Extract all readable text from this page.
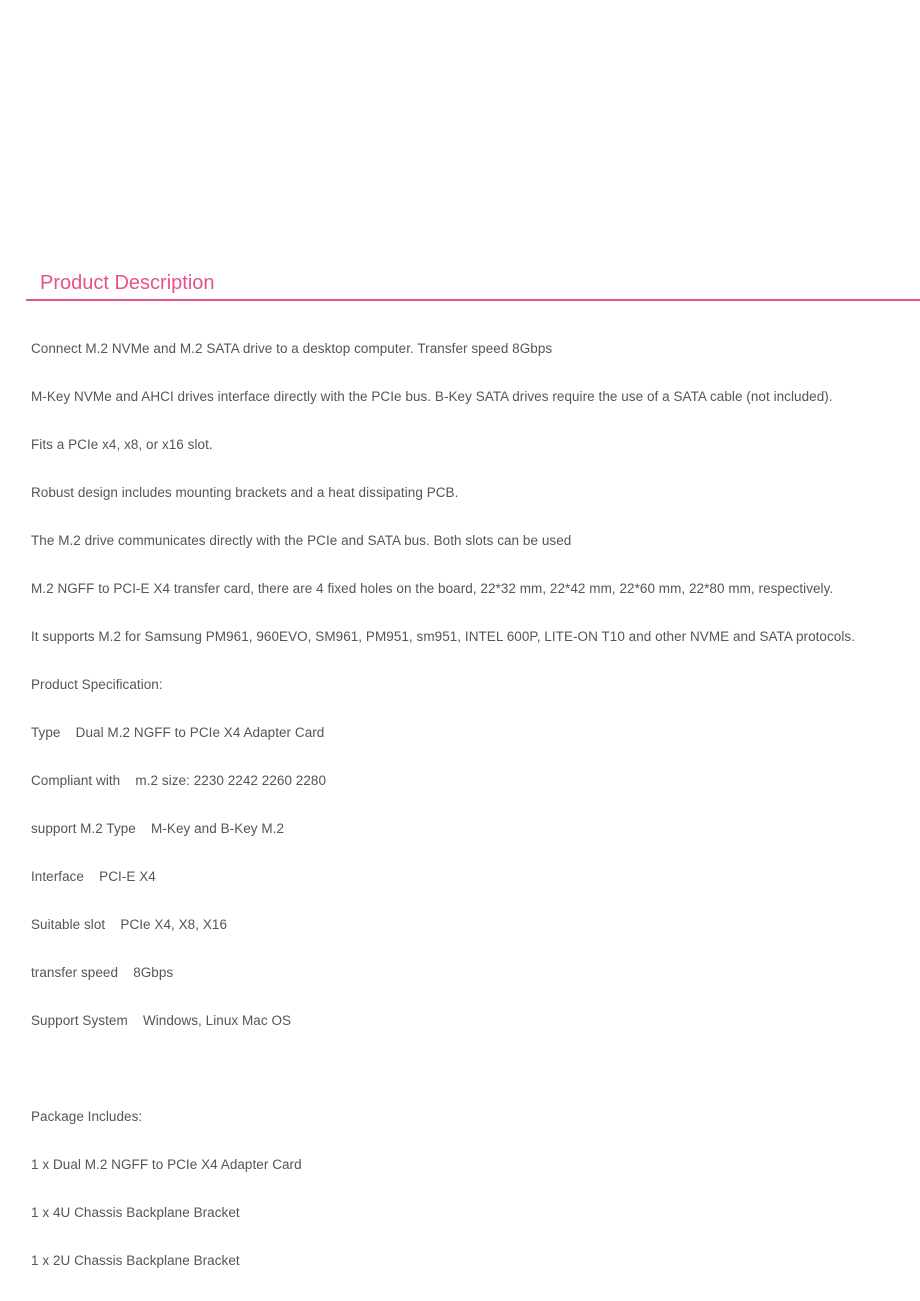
Product Description

Connect M.2 NVMe and M.2 SATA drive to a desktop computer. Transfer speed 8Gbps

M-Key NVMe and AHCI drives interface directly with the PCIe bus. B-Key SATA drives require the use of a SATA cable (not included).

Fits a PCIe x4, x8, or x16 slot.

Robust design includes mounting brackets and a heat dissipating PCB.

The M.2 drive communicates directly with the PCIe and SATA bus. Both slots can be used

M.2 NGFF to PCI-E X4 transfer card, there are 4 fixed holes on the board, 22*32 mm, 22*42 mm, 22*60 mm, 22*80 mm, respectively.

It supports M.2 for Samsung PM961, 960EVO, SM961, PM951, sm951, INTEL 600P, LITE-ON T10 and other NVME and SATA protocols.

Product Specification:

Type    Dual M.2 NGFF to PCIe X4 Adapter Card

Compliant with    m.2 size: 2230 2242 2260 2280

support M.2 Type    M-Key and B-Key M.2

Interface    PCI-E X4

Suitable slot    PCIe X4, X8, X16

transfer speed    8Gbps

Support System    Windows, Linux Mac OS

Package Includes:

1 x Dual M.2 NGFF to PCIe X4 Adapter Card

1 x 4U Chassis Backplane Bracket

1 x 2U Chassis Backplane Bracket
